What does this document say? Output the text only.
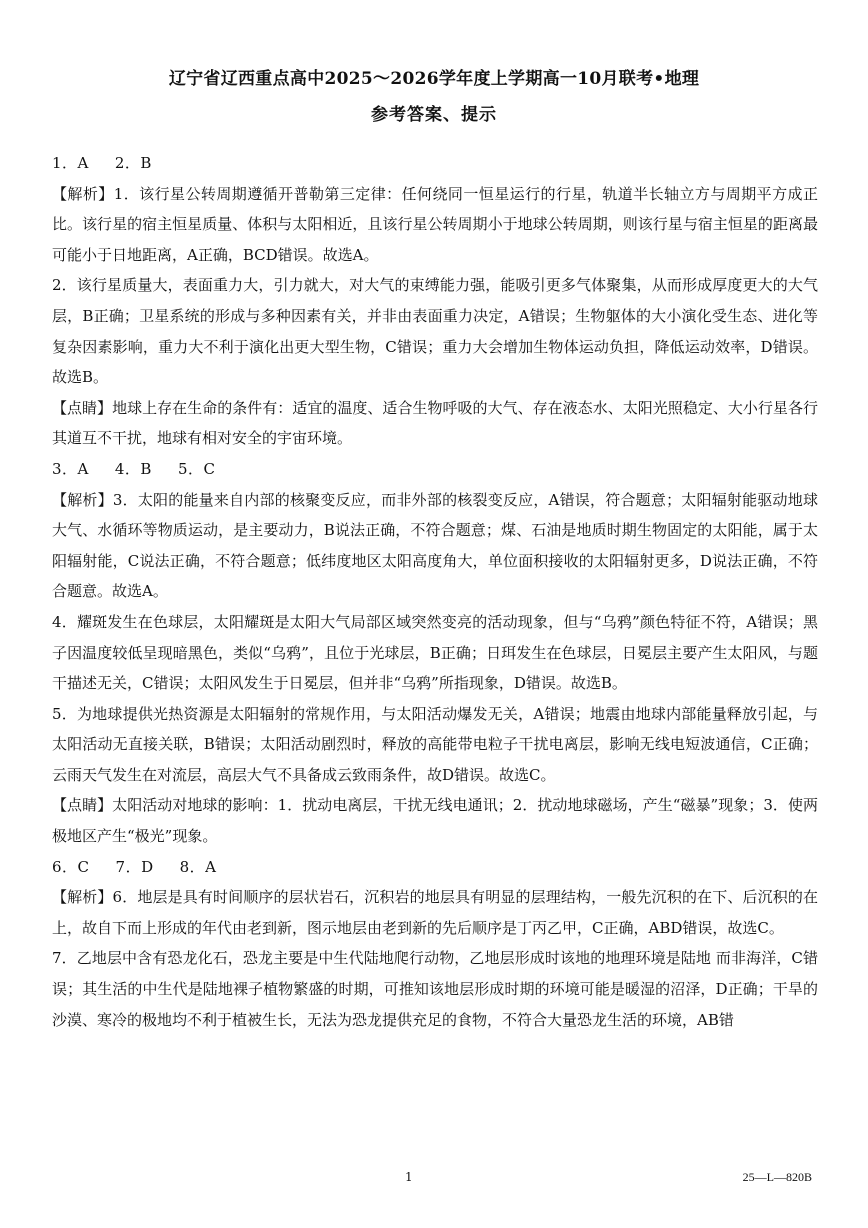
辽宁省辽西重点高中2025～2026学年度上学期高一10月联考•地理
参考答案、提示

1．A 2．B

【解析】1．该行星公转周期遵循开普勒第三定律：任何绕同一恒星运行的行星，轨道半长轴立方与周期平方成正比。该行星的宿主恒星质量、体积与太阳相近，且该行星公转周期小于地球公转周期，则该行星与宿主恒星的距离最可能小于日地距离，A正确，BCD错误。故选A。

2．该行星质量大，表面重力大，引力就大，对大气的束缚能力强，能吸引更多气体聚集，从而形成厚度更大的大气层，B正确；卫星系统的形成与多种因素有关，并非由表面重力决定，A错误；生物躯体的大小演化受生态、进化等复杂因素影响，重力大不利于演化出更大型生物，C错误；重力大会增加生物体运动负担，降低运动效率，D错误。故选B。

【点睛】地球上存在生命的条件有：适宜的温度、适合生物呼吸的大气、存在液态水、太阳光照稳定、大小行星各行其道互不干扰，地球有相对安全的宇宙环境。

3．A 4．B 5．C

【解析】3．太阳的能量来自内部的核聚变反应，而非外部的核裂变反应，A错误，符合题意；太阳辐射能驱动地球大气、水循环等物质运动，是主要动力，B说法正确，不符合题意；煤、石油是地质时期生物固定的太阳能，属于太阳辐射能，C说法正确，不符合题意；低纬度地区太阳高度角大，单位面积接收的太阳辐射更多，D说法正确，不符合题意。故选A。

4．耀斑发生在色球层，太阳耀斑是太阳大气局部区域突然变亮的活动现象，但与“乌鸦”颜色特征不符，A错误；黑子因温度较低呈现暗黑色，类似“乌鸦”，且位于光球层，B正确；日珥发生在色球层，日冕层主要产生太阳风，与题干描述无关，C错误；太阳风发生于日冕层，但并非“乌鸦”所指现象，D错误。故选B。

5．为地球提供光热资源是太阳辐射的常规作用，与太阳活动爆发无关，A错误；地震由地球内部能量释放引起，与太阳活动无直接关联，B错误；太阳活动剧烈时，释放的高能带电粒子干扰电离层，影响无线电短波通信，C正确；云雨天气发生在对流层，高层大气不具备成云致雨条件，故D错误。故选C。

【点睛】太阳活动对地球的影响：1．扰动电离层，干扰无线电通讯；2．扰动地球磁场，产生“磁暴”现象；3．使两极地区产生“极光”现象。

6．C 7．D 8．A

【解析】6．地层是具有时间顺序的层状岩石，沉积岩的地层具有明显的层理结构，一般先沉积的在下、后沉积的在上，故自下而上形成的年代由老到新，图示地层由老到新的先后顺序是丁丙乙甲，C正确，ABD错误，故选C。

7．乙地层中含有恐龙化石，恐龙主要是中生代陆地爬行动物，乙地层形成时该地的地理环境是陆地 而非海洋，C错误；其生活的中生代是陆地裸子植物繁盛的时期，可推知该地层形成时期的环境可能是暖湿的沼泽，D正确；干旱的沙漠、寒冷的极地均不利于植被生长，无法为恐龙提供充足的食物，不符合大量恐龙生活的环境，AB错

1	25—L—820B
